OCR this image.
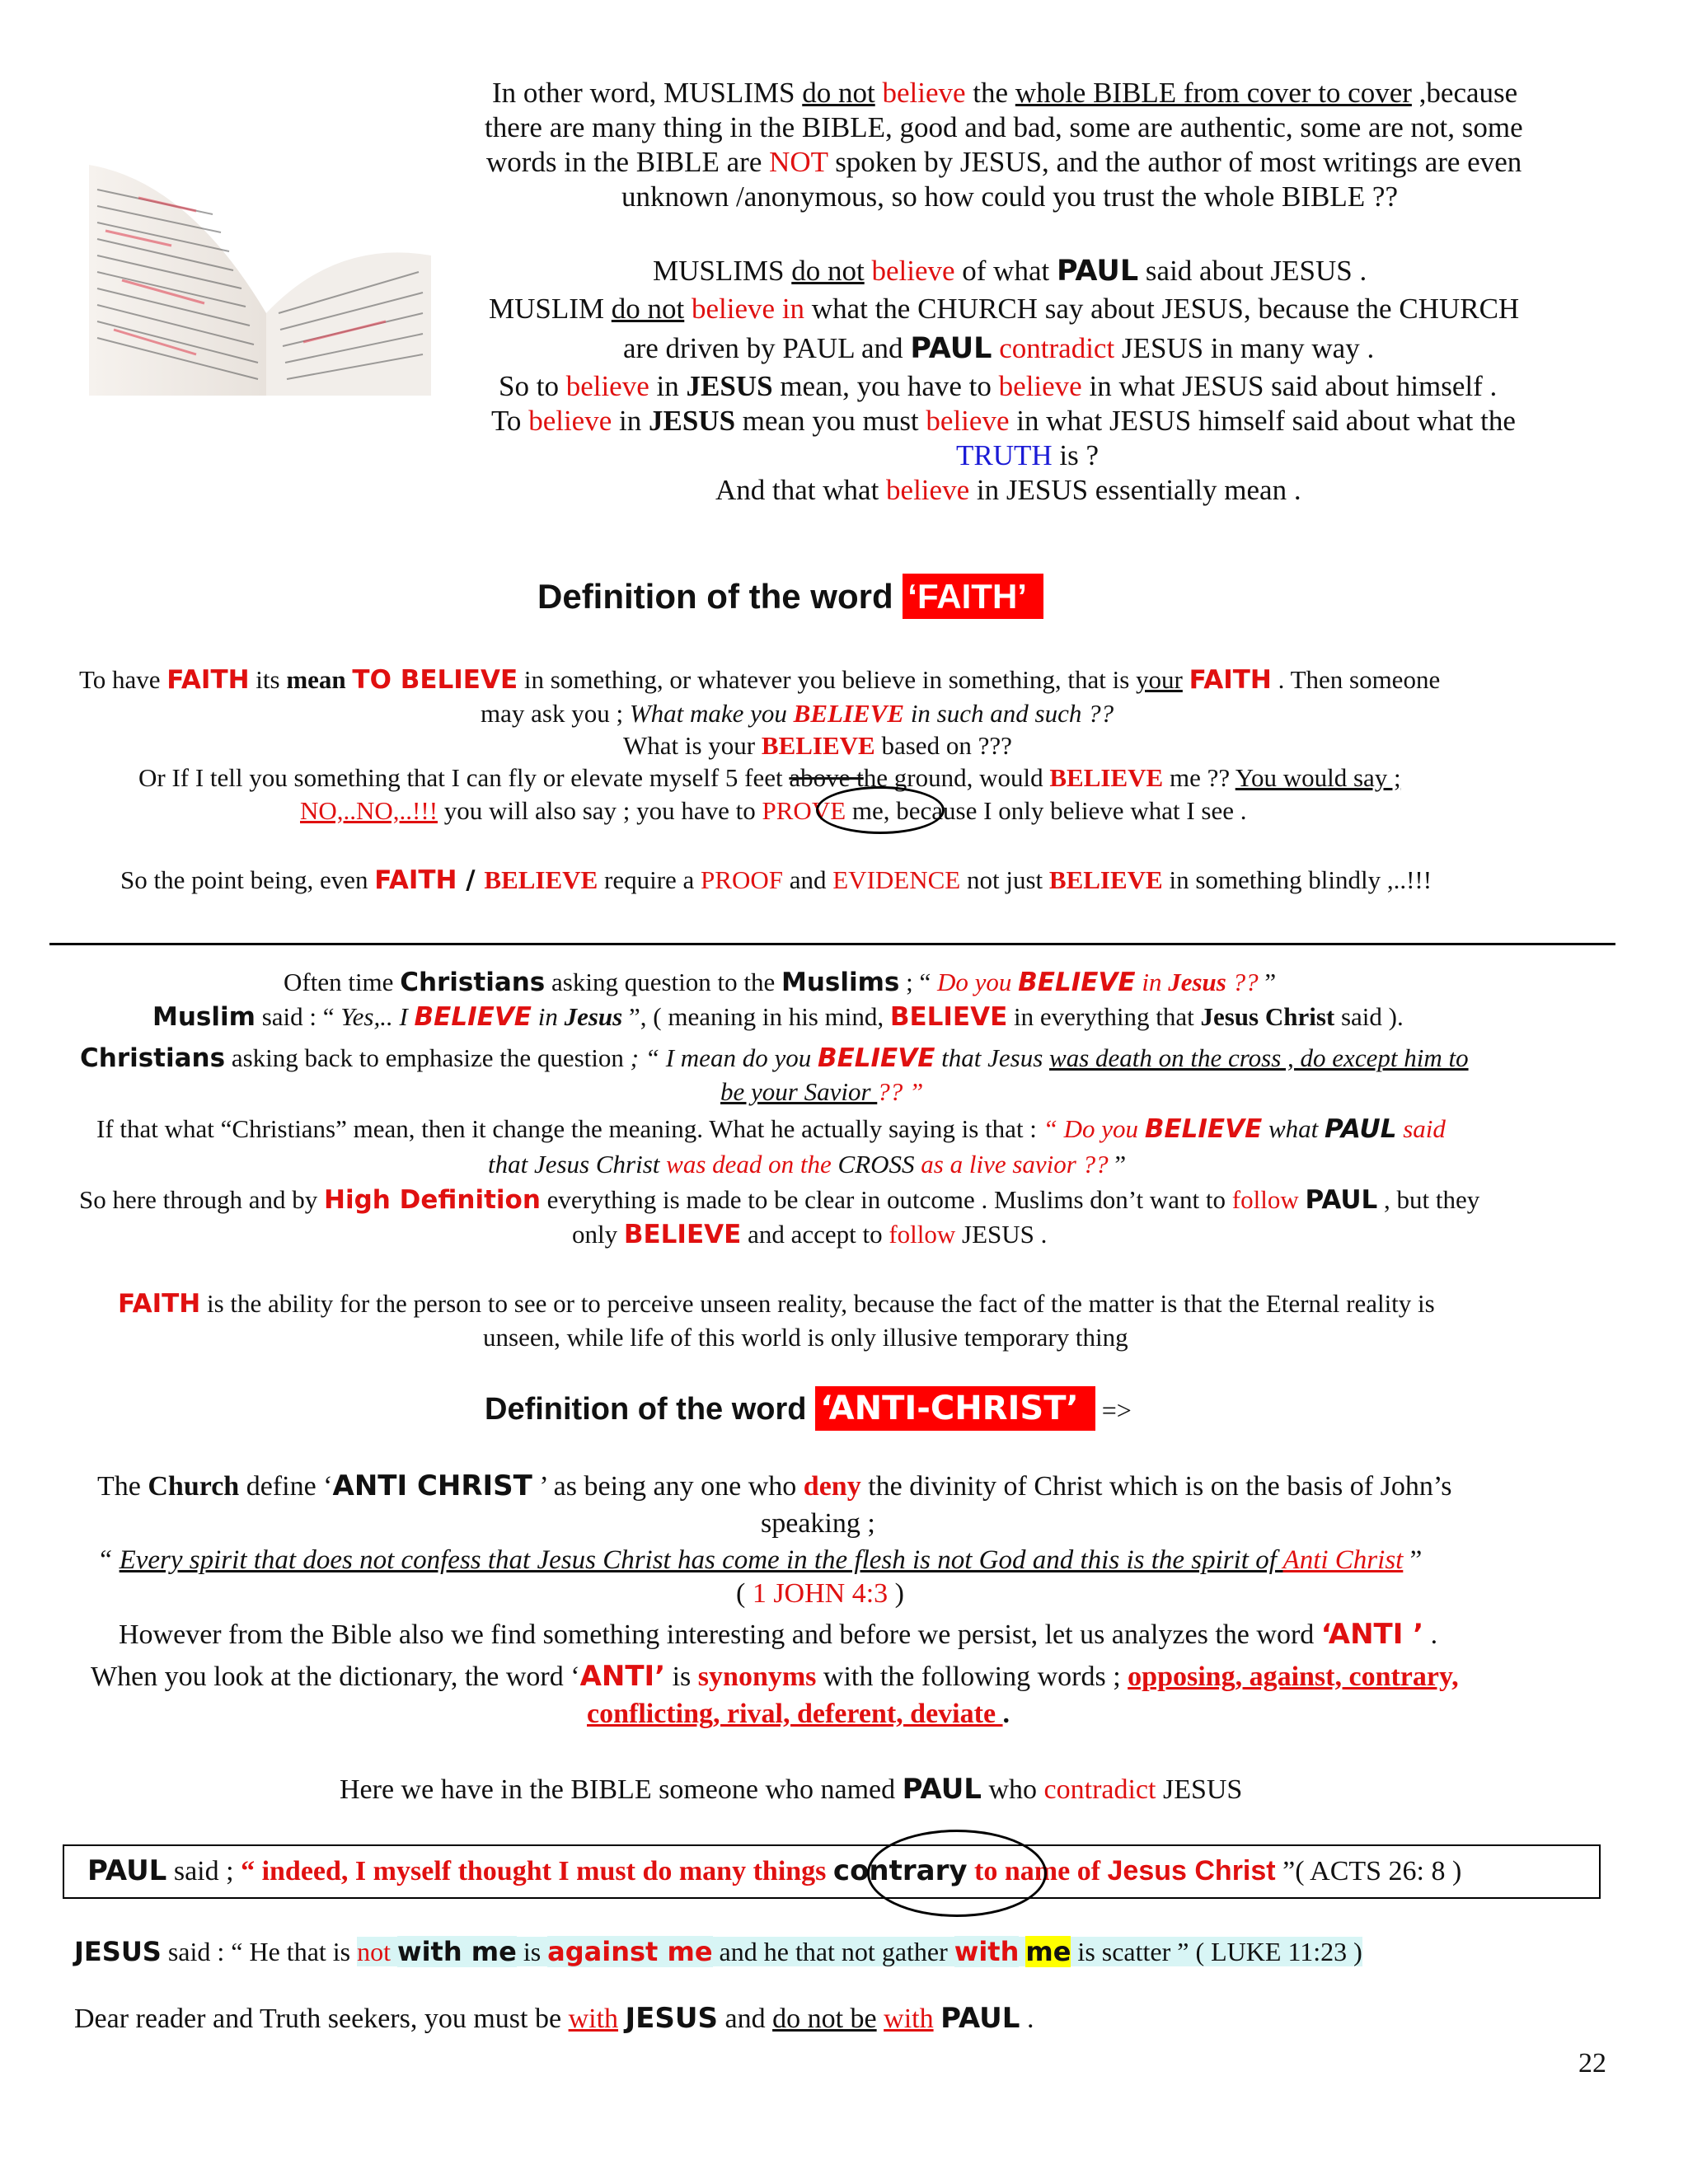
In other word, MUSLIMS do not believe the whole BIBLE from cover to cover ,because
there are many thing in the BIBLE, good and bad, some are authentic, some are not, some
words in the BIBLE are NOT spoken by JESUS, and the author of most writings are even
unknown /anonymous, so how could you trust the whole BIBLE ??
MUSLIMS do not believe of what PAUL said about JESUS .
MUSLIM do not believe in what the CHURCH say about JESUS, because the CHURCH
are driven by PAUL and PAUL contradict JESUS in many way .
So to believe in JESUS mean, you have to believe in what JESUS said about himself .
To believe in JESUS mean you must believe in what JESUS himself said about what the
TRUTH is ?
And that what believe in JESUS essentially mean .
Definition of the word ‘FAITH’
To have FAITH its mean TO BELIEVE in something, or whatever you believe in something, that is your FAITH . Then someone
may ask you ; What make you BELIEVE in such and such ??
What is your BELIEVE based on ???
Or If I tell you something that I can fly or elevate myself 5 feet above the ground, would BELIEVE me ?? You would say ;
NO,..NO,..!!! you will also say ; you have to PROVE me, because I only believe what I see .
So the point being, even FAITH / BELIEVE require a PROOF and EVIDENCE not just BELIEVE in something blindly ,..!!!
Often time Christians asking question to the Muslims ; “ Do you BELIEVE in Jesus ?? ”
Muslim said : “ Yes,.. I BELIEVE in Jesus ”, ( meaning in his mind, BELIEVE in everything that Jesus Christ said ).
Christians asking back to emphasize the question ; “ I mean do you BELIEVE that Jesus was death on the cross , do except him to
be your Savior ?? ”
If that what “Christians” mean, then it change the meaning. What he actually saying is that : “ Do you BELIEVE what PAUL said
that Jesus Christ was dead on the CROSS as a live savior ?? ”
So here through and by High Definition everything is made to be clear in outcome . Muslims don’t want to follow PAUL , but they
only BELIEVE and accept to follow JESUS .
FAITH is the ability for the person to see or to perceive unseen reality, because the fact of the matter is that the Eternal reality is
unseen, while life of this world is only illusive temporary thing
Definition of the word ‘ANTI-CHRIST’ =>
The Church define ‘ANTI CHRIST ’ as being any one who deny the divinity of Christ which is on the basis of John’s
speaking ;
“ Every spirit that does not confess that Jesus Christ has come in the flesh is not God and this is the spirit of Anti Christ ”
( 1 JOHN 4:3 )
However from the Bible also we find something interesting and before we persist, let us analyzes the word ‘ANTI ’ .
When you look at the dictionary, the word ‘ANTI’ is synonyms with the following words ; opposing, against, contrary,
conflicting, rival, deferent, deviate .
Here we have in the BIBLE someone who named PAUL who contradict JESUS
PAUL said ; “ indeed, I myself thought I must do many things contrary to name of Jesus Christ ”( ACTS 26: 8 )
JESUS said : “ He that is not with me is against me and he that not gather with me is scatter ” ( LUKE 11:23 )
Dear reader and Truth seekers, you must be with JESUS and do not be with PAUL .
22
